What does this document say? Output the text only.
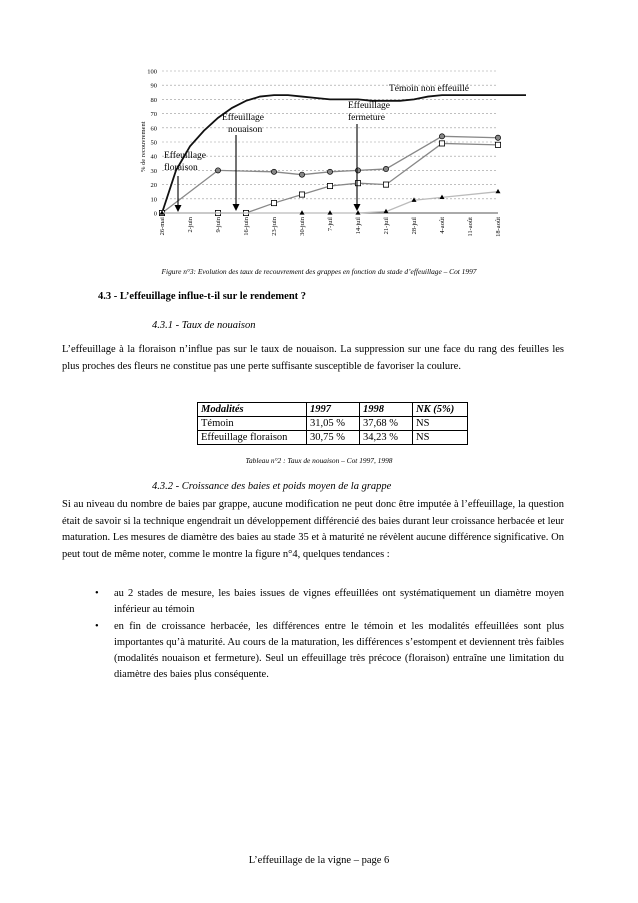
0
10
20
30
40
50
60
70
80
90
100
26-mai	2-juin	9-juin	16-juin	23-juin	30-juin	7-juil	14-juil	21-juil	28-juil	4-août	11-août	18-août
% de recouvrement
Témoin non effeuillé
Effeuillage
nouaison
Effeuillage
fermeture
Effeuillage
floraison
Figure n°3: Evolution des taux de recouvrement des grappes en fonction du stade d’effeuillage – Cot 1997
4.3 - L’effeuillage influe-t-il sur le rendement ?
4.3.1 - Taux de nouaison
L’effeuillage à la floraison n’influe pas sur le taux de nouaison. La suppression sur une face du rang des feuilles les plus proches des fleurs ne constitue pas une perte suffisante susceptible de favoriser la coulure.
Modalités	1997	1998	NK (5%)
Témoin	31,05 %	37,68 %	NS
Effeuillage floraison	30,75 %	34,23 %	NS
Tableau n°2 : Taux de nouaison – Cot 1997, 1998
4.3.2 - Croissance des baies et poids moyen de la grappe
Si au niveau du nombre de baies par grappe, aucune modification ne peut donc être imputée à l’effeuillage, la question était de savoir si la technique engendrait un développement différencié des baies durant leur croissance herbacée et leur maturation. Les mesures de diamètre des baies au stade 35 et à maturité ne révèlent aucune différence significative. On peut tout de même noter, comme le montre la figure n°4, quelques tendances :
• au 2 stades de mesure, les baies issues de vignes effeuillées ont systématiquement un diamètre moyen inférieur au témoin
• en fin de croissance herbacée, les différences entre le témoin et les modalités effeuillées sont plus importantes qu’à maturité. Au cours de la maturation, les différences s’estompent et deviennent très faibles (modalités nouaison et fermeture). Seul un effeuillage très précoce (floraison) entraîne une limitation du diamètre des baies plus conséquente.
L’effeuillage de la vigne – page 6
